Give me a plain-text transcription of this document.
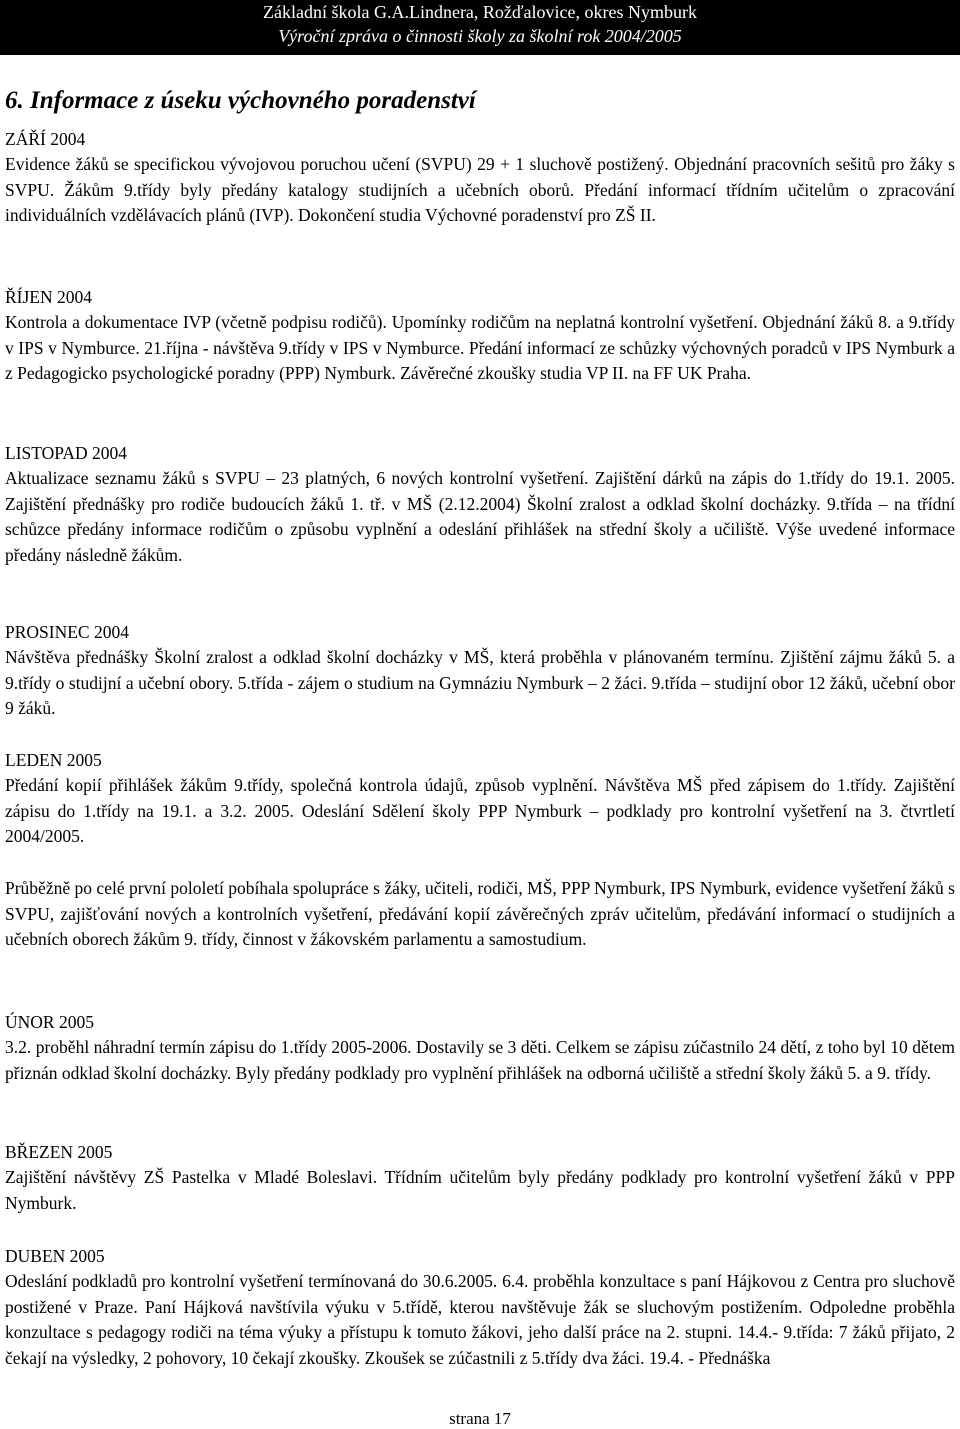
Základní škola G.A.Lindnera, Rožďalovice, okres Nymburk
Výroční zpráva o činnosti školy za školní rok 2004/2005
6. Informace z úseku výchovného poradenství

ZÁŘÍ 2004

Evidence žáků se specifickou vývojovou poruchou učení (SVPU) 29 + 1 sluchově postižený. Objednání pracovních sešitů pro žáky s SVPU. Žákům 9.třídy byly předány katalogy studijních a učebních oborů. Předání informací třídním učitelům o zpracování individuálních vzdělávacích plánů (IVP). Dokončení studia Výchovné poradenství pro ZŠ II.

ŘÍJEN 2004

Kontrola a dokumentace IVP (včetně podpisu rodičů). Upomínky rodičům na neplatná kontrolní vyšetření. Objednání žáků 8. a 9.třídy v IPS v Nymburce. 21.října - návštěva 9.třídy v IPS v Nymburce. Předání informací ze schůzky výchovných poradců v IPS Nymburk a z Pedagogicko psychologické poradny (PPP) Nymburk. Závěrečné zkoušky studia VP II. na FF UK Praha.

LISTOPAD 2004

Aktualizace seznamu žáků s SVPU – 23 platných, 6 nových kontrolní vyšetření. Zajištění dárků na zápis do 1.třídy do 19.1. 2005. Zajištění přednášky pro rodiče budoucích žáků 1. tř. v MŠ (2.12.2004) Školní zralost a odklad školní docházky. 9.třída – na třídní schůzce předány informace rodičům o způsobu vyplnění a odeslání přihlášek na střední školy a učiliště. Výše uvedené informace předány následně žákům.

PROSINEC 2004

Návštěva přednášky Školní zralost a odklad školní docházky v MŠ, která proběhla v plánovaném termínu. Zjištění zájmu žáků 5. a 9.třídy o studijní a učební obory. 5.třída - zájem o studium na Gymnáziu Nymburk – 2 žáci. 9.třída – studijní obor 12 žáků, učební obor 9 žáků.

LEDEN 2005

Předání kopií přihlášek žákům 9.třídy, společná kontrola údajů, způsob vyplnění. Návštěva MŠ před zápisem do 1.třídy. Zajištění zápisu do 1.třídy na 19.1. a 3.2. 2005. Odeslání Sdělení školy PPP Nymburk – podklady pro kontrolní vyšetření na 3. čtvrtletí 2004/2005.

Průběžně po celé první pololetí pobíhala spolupráce s žáky, učiteli, rodiči, MŠ, PPP Nymburk, IPS Nymburk, evidence vyšetření žáků s SVPU, zajišťování nových a kontrolních vyšetření, předávání kopií závěrečných zpráv učitelům, předávání informací o studijních a učebních oborech žákům 9. třídy, činnost v žákovském parlamentu a samostudium.

ÚNOR 2005

3.2. proběhl náhradní termín zápisu do 1.třídy 2005-2006. Dostavily se 3 děti. Celkem se zápisu zúčastnilo 24 dětí, z toho byl 10 dětem přiznán odklad školní docházky. Byly předány podklady pro vyplnění přihlášek na odborná učiliště a střední školy žáků 5. a 9. třídy.

BŘEZEN 2005

Zajištění návštěvy ZŠ Pastelka v Mladé Boleslavi. Třídním učitelům byly předány podklady pro kontrolní vyšetření žáků v PPP Nymburk.

DUBEN 2005

Odeslání podkladů pro kontrolní vyšetření termínovaná do 30.6.2005. 6.4. proběhla konzultace s paní Hájkovou z Centra pro sluchově postižené v Praze. Paní Hájková navštívila výuku v 5.třídě, kterou navštěvuje žák se sluchovým postižením. Odpoledne proběhla konzultace s pedagogy rodiči na téma výuky a přístupu k tomuto žákovi, jeho další práce na 2. stupni. 14.4.- 9.třída: 7 žáků přijato, 2 čekají na výsledky, 2 pohovory, 10 čekají zkoušky. Zkoušek se zúčastnili z 5.třídy dva žáci. 19.4. - Přednáška

strana 17
